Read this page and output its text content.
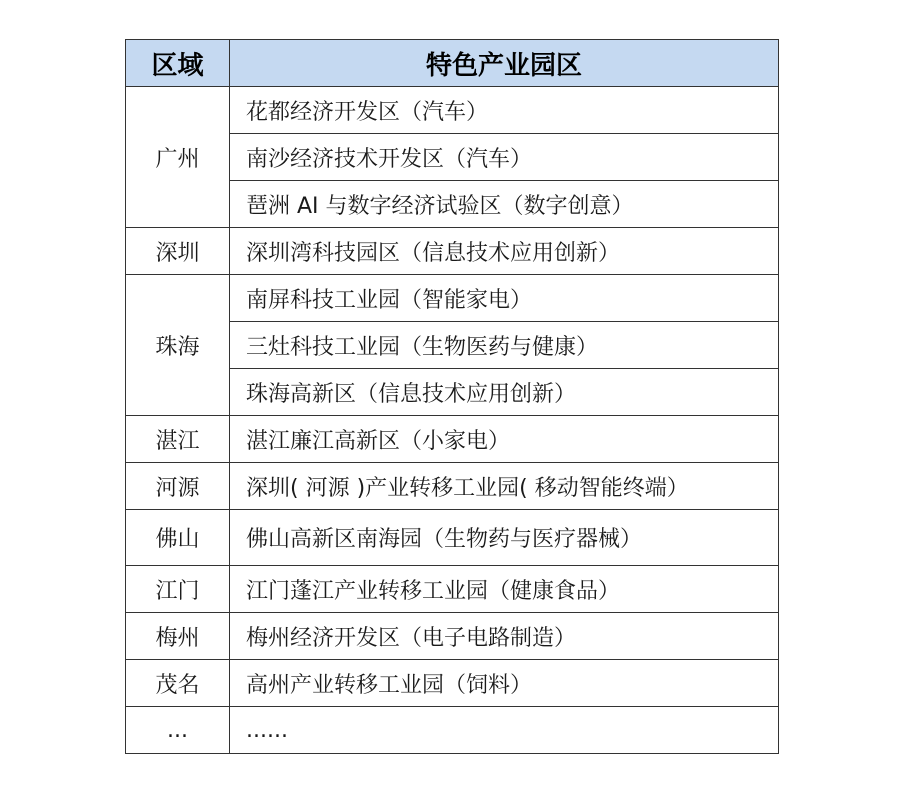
区域	特色产业园区
广州	花都经济开发区（汽车）
	南沙经济技术开发区（汽车）
	琶洲 AI 与数字经济试验区（数字创意）
深圳	深圳湾科技园区（信息技术应用创新）
珠海	南屏科技工业园（智能家电）
	三灶科技工业园（生物医药与健康）
	珠海高新区（信息技术应用创新）
湛江	湛江廉江高新区（小家电）
河源	深圳( 河源 )产业转移工业园( 移动智能终端）
佛山	佛山高新区南海园（生物药与医疗器械）
江门	江门蓬江产业转移工业园（健康食品）
梅州	梅州经济开发区（电子电路制造）
茂名	高州产业转移工业园（饲料）
...	......
